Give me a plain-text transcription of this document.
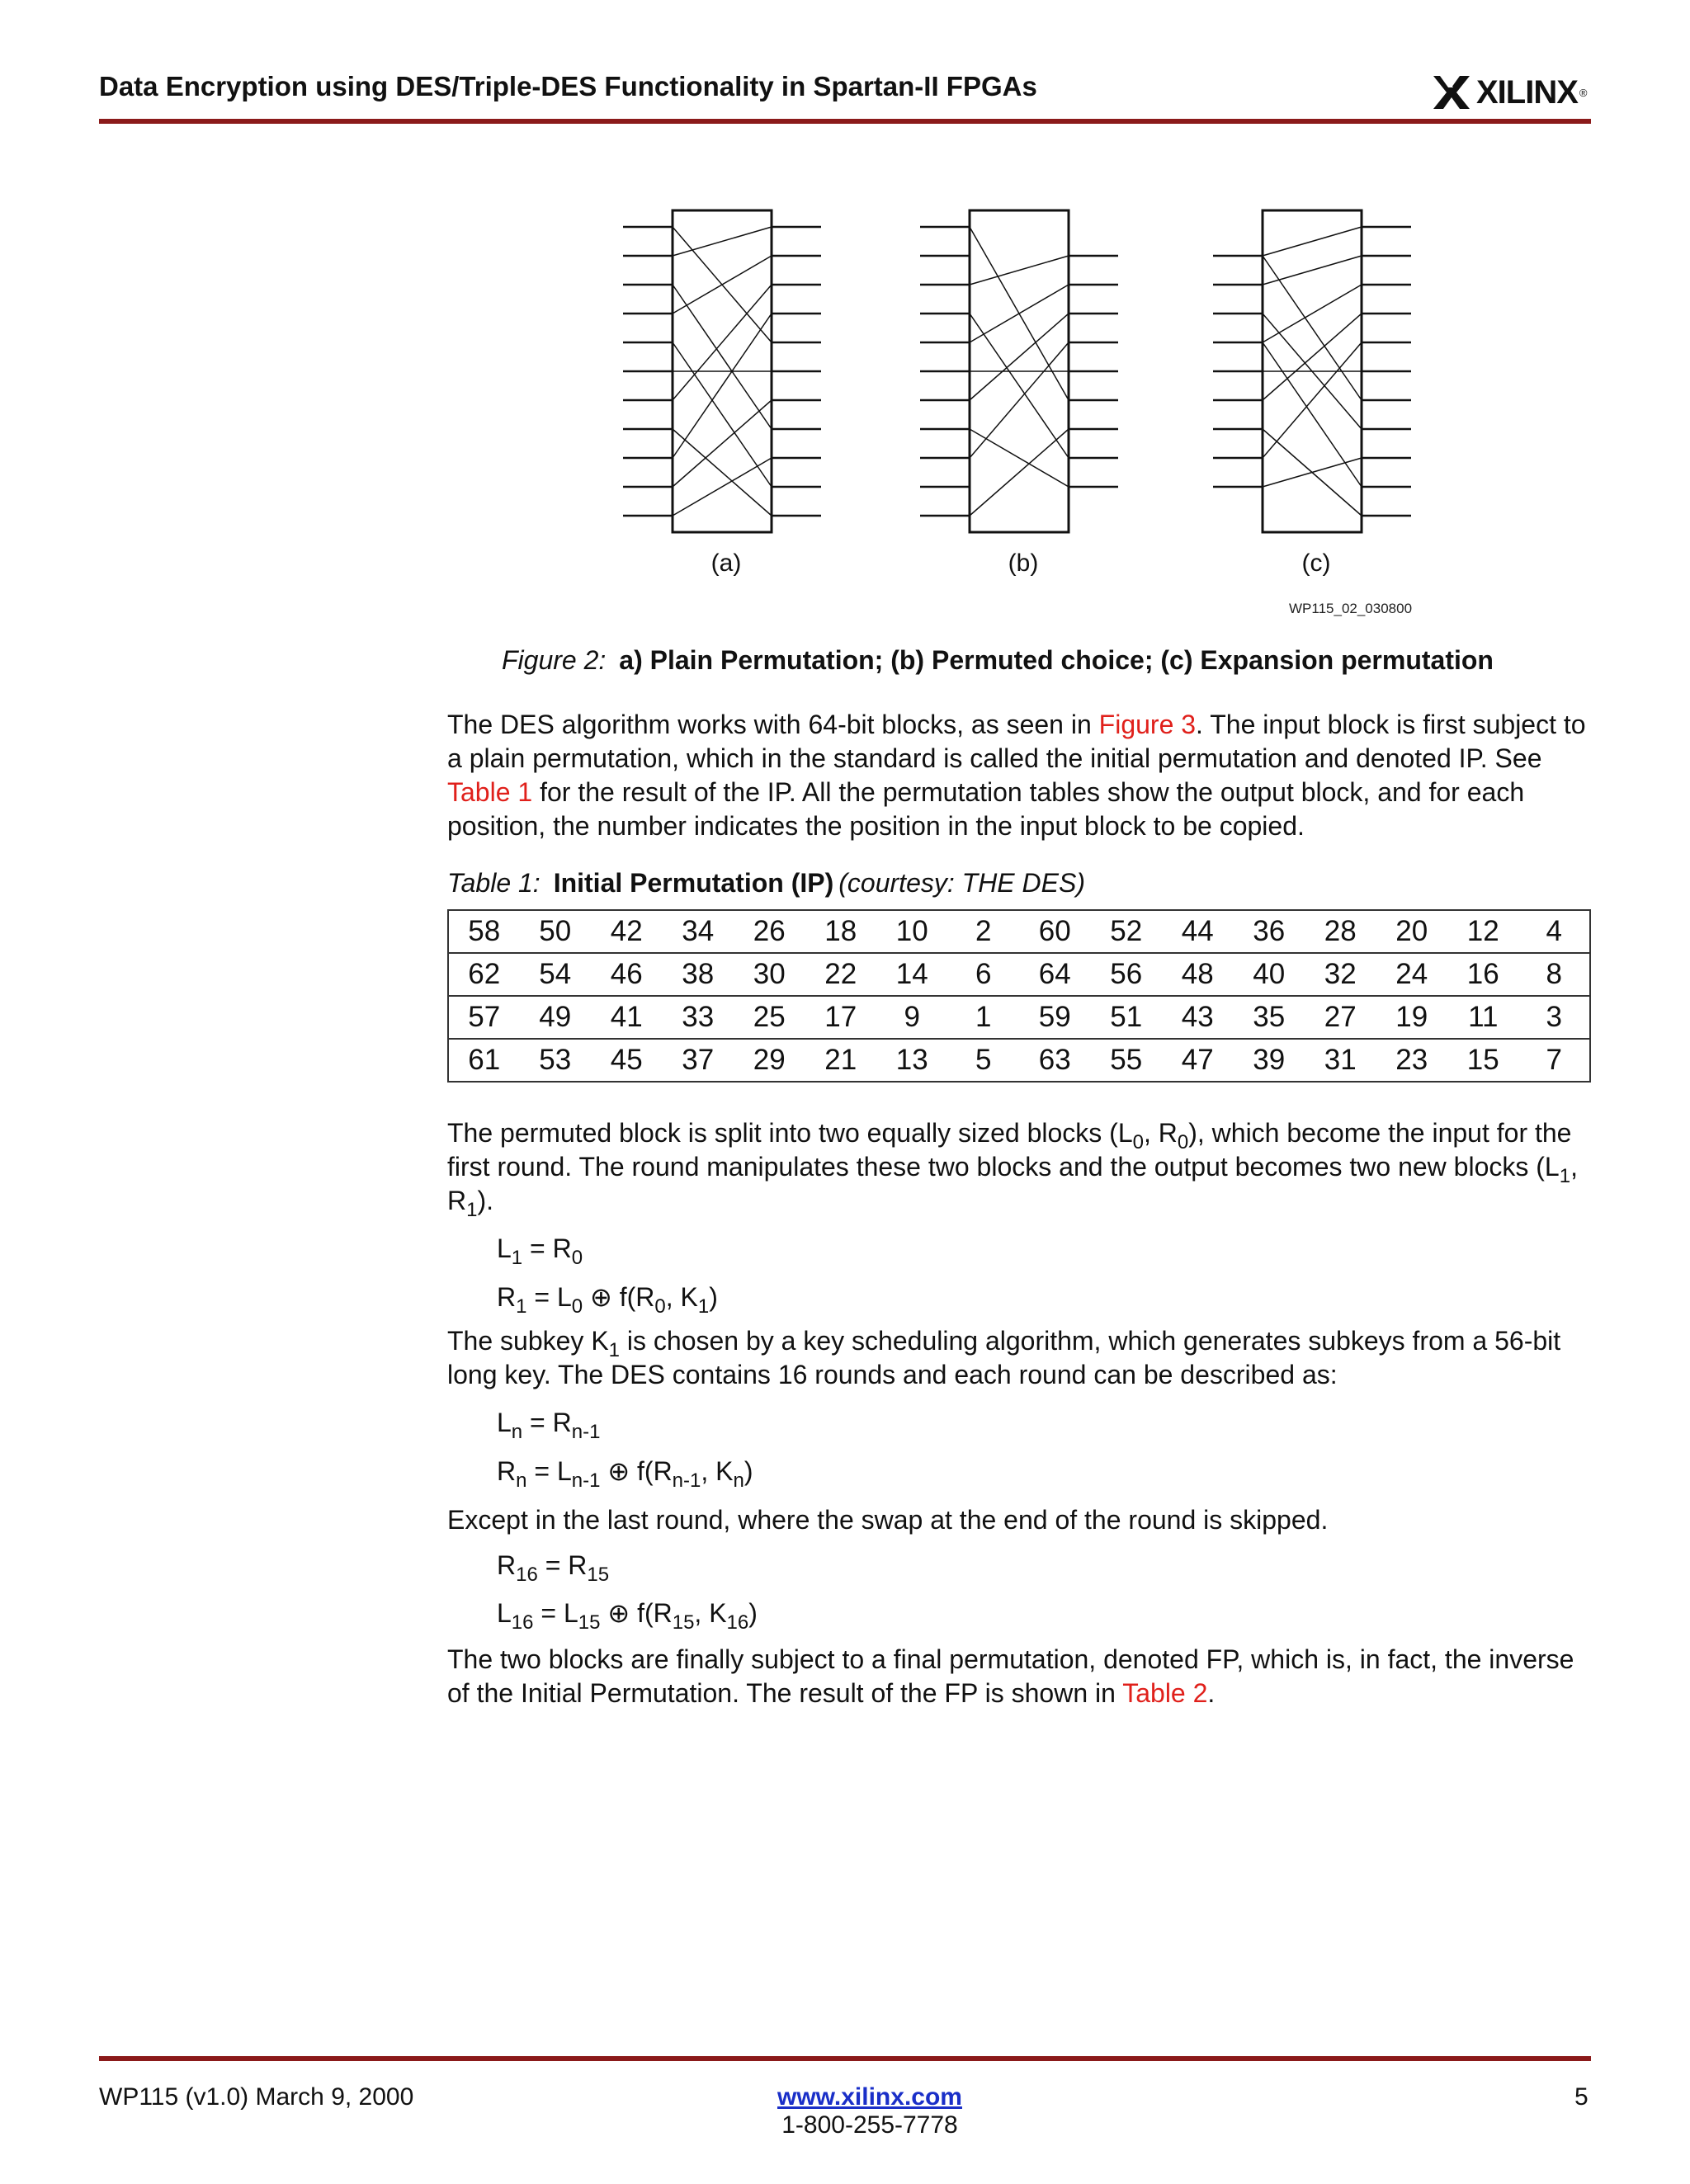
Data Encryption using DES/Triple-DES Functionality in Spartan-II FPGAs	XILINX ®
(a)	(b)	(c)
WP115_02_030800
Figure 2: a) Plain Permutation; (b) Permuted choice; (c) Expansion permutation

The DES algorithm works with 64-bit blocks, as seen in Figure 3. The input block is first subject to a plain permutation, which in the standard is called the initial permutation and denoted IP. See Table 1 for the result of the IP. All the permutation tables show the output block, and for each position, the number indicates the position in the input block to be copied.

Table 1: Initial Permutation (IP) (courtesy: THE DES)
58	50	42	34	26	18	10	2	60	52	44	36	28	20	12	4
62	54	46	38	30	22	14	6	64	56	48	40	32	24	16	8
57	49	41	33	25	17	9	1	59	51	43	35	27	19	11	3
61	53	45	37	29	21	13	5	63	55	47	39	31	23	15	7

The permuted block is split into two equally sized blocks ($L_0$, $R_0$), which become the input for the first round. The round manipulates these two blocks and the output becomes two new blocks ($L_1$, $R_1$).

$L_1 = R_0$
$R_1 = L_0$ ⊕ $f(R_0$, $K_1$)

The subkey $K_1$ is chosen by a key scheduling algorithm, which generates subkeys from a 56-bit long key. The DES contains 16 rounds and each round can be described as:

$L_n = R_{n-1}$
$R_n = L_{n-1}$ ⊕ $f(R_{n-1}$, $K_n$)

Except in the last round, where the swap at the end of the round is skipped.

$R_{16} = R_{15}$
$L_{16} = L_{15}$ ⊕ $f(R_{15}$, $K_{16}$)

The two blocks are finally subject to a final permutation, denoted FP, which is, in fact, the inverse of the Initial Permutation. The result of the FP is shown in Table 2.

WP115 (v1.0) March 9, 2000	www.xilinx.com
1-800-255-7778
5
